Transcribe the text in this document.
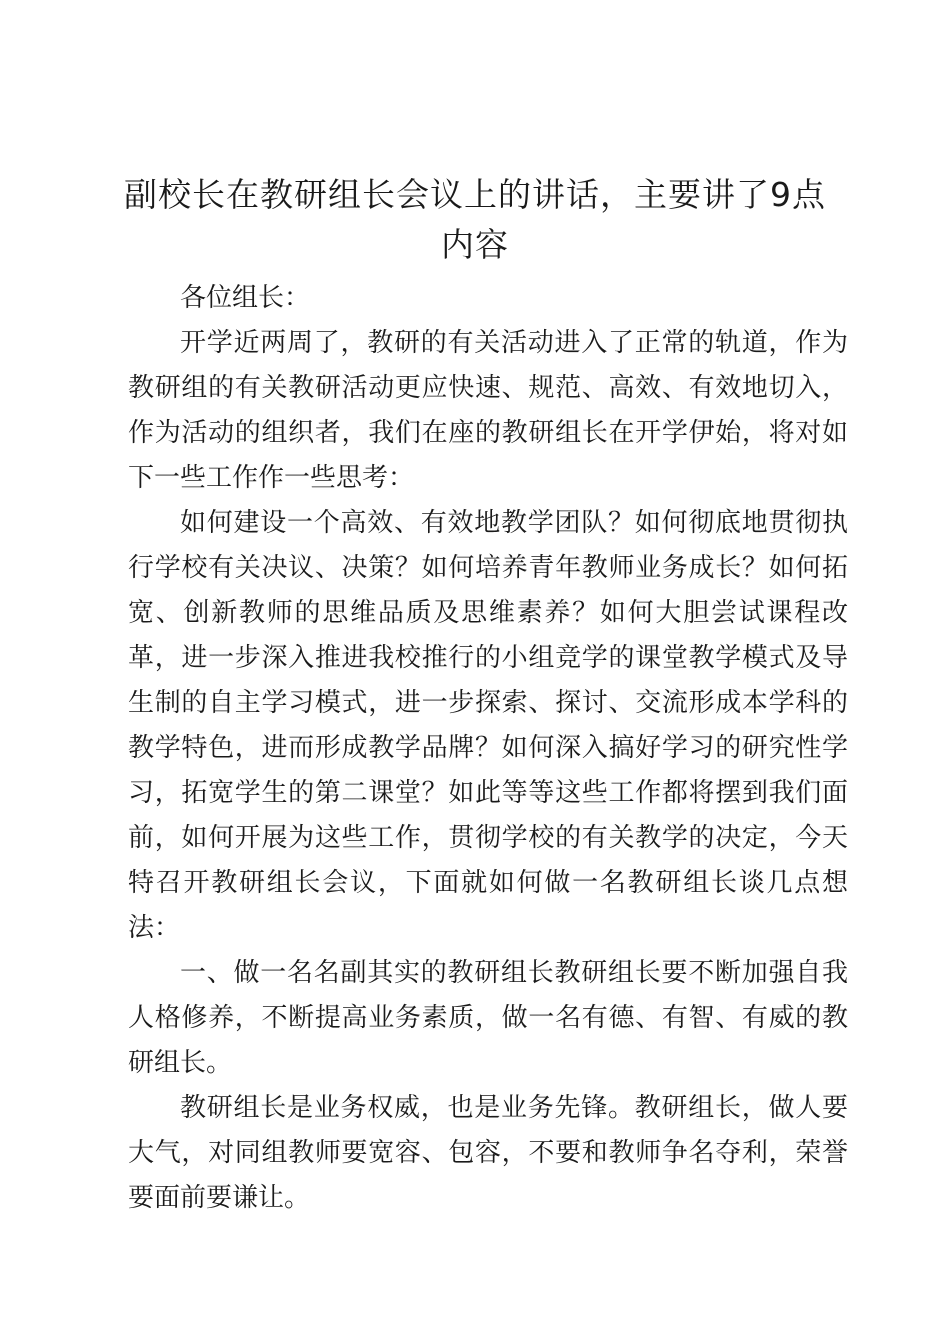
副校长在教研组长会议上的讲话，主要讲了9点内容

各位组长：

开学近两周了，教研的有关活动进入了正常的轨道，作为教研组的有关教研活动更应快速、规范、高效、有效地切入，作为活动的组织者，我们在座的教研组长在开学伊始，将对如下一些工作作一些思考：

如何建设一个高效、有效地教学团队？如何彻底地贯彻执行学校有关决议、决策？如何培养青年教师业务成长？如何拓宽、创新教师的思维品质及思维素养？如何大胆尝试课程改革，进一步深入推进我校推行的小组竞学的课堂教学模式及导生制的自主学习模式，进一步探索、探讨、交流形成本学科的教学特色，进而形成教学品牌？如何深入搞好学习的研究性学习，拓宽学生的第二课堂？如此等等这些工作都将摆到我们面前，如何开展为这些工作，贯彻学校的有关教学的决定，今天特召开教研组长会议，下面就如何做一名教研组长谈几点想法：

一、做一名名副其实的教研组长教研组长要不断加强自我人格修养，不断提高业务素质，做一名有德、有智、有威的教研组长。

教研组长是业务权威，也是业务先锋。教研组长，做人要大气，对同组教师要宽容、包容，不要和教师争名夺利，荣誉要面前要谦让。
